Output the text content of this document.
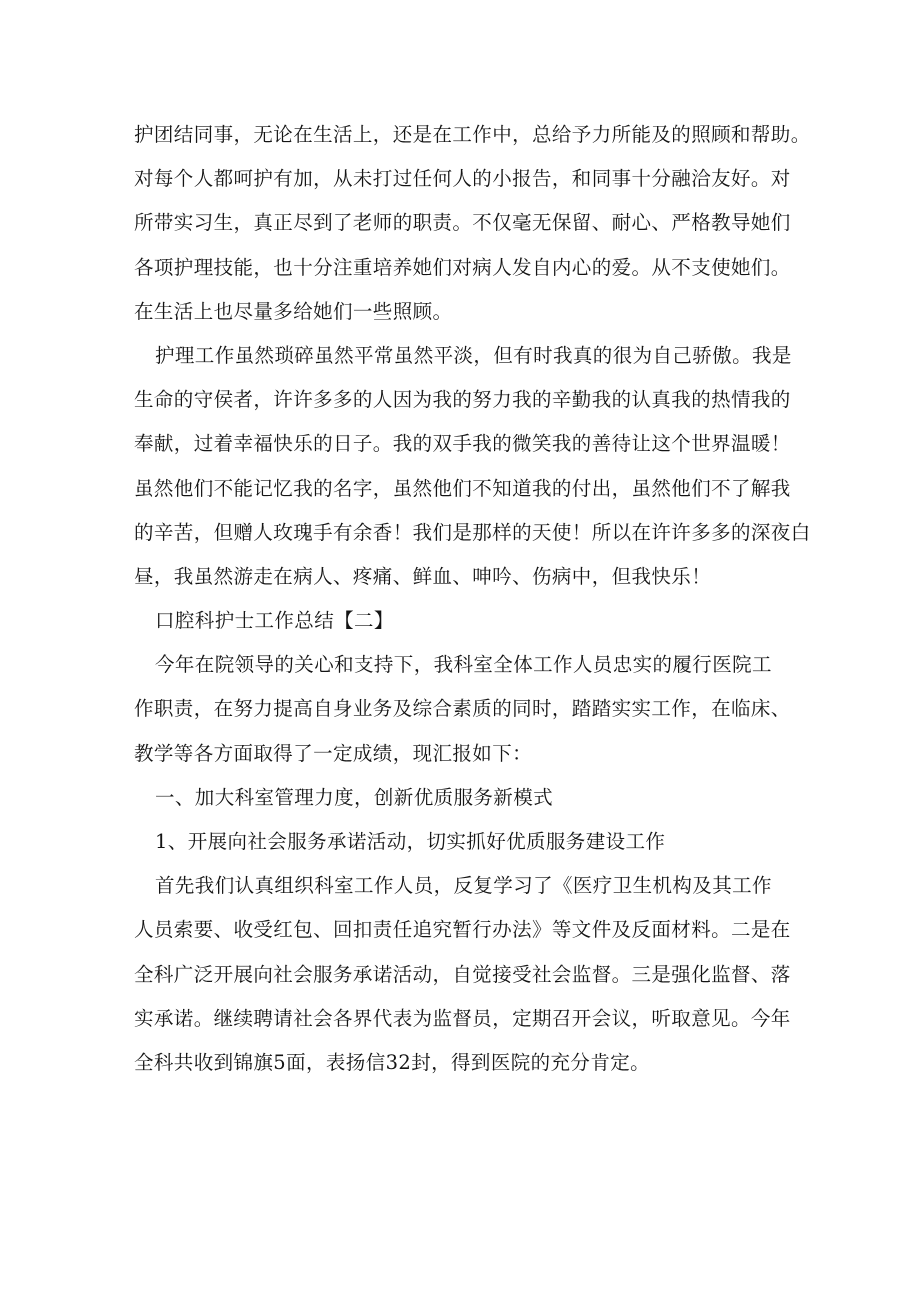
护团结同事，无论在生活上，还是在工作中，总给予力所能及的照顾和帮助。
对每个人都呵护有加，从未打过任何人的小报告，和同事十分融洽友好。对
所带实习生，真正尽到了老师的职责。不仅毫无保留、耐心、严格教导她们
各项护理技能，也十分注重培养她们对病人发自内心的爱。从不支使她们。
在生活上也尽量多给她们一些照顾。
护理工作虽然琐碎虽然平常虽然平淡，但有时我真的很为自己骄傲。我是
生命的守侯者，许许多多的人因为我的努力我的辛勤我的认真我的热情我的
奉献，过着幸福快乐的日子。我的双手我的微笑我的善待让这个世界温暖！
虽然他们不能记忆我的名字，虽然他们不知道我的付出，虽然他们不了解我
的辛苦，但赠人玫瑰手有余香！我们是那样的天使！所以在许许多多的深夜白
昼，我虽然游走在病人、疼痛、鲜血、呻吟、伤病中，但我快乐！
口腔科护士工作总结【二】
今年在院领导的关心和支持下，我科室全体工作人员忠实的履行医院工
作职责，在努力提高自身业务及综合素质的同时，踏踏实实工作，在临床、
教学等各方面取得了一定成绩，现汇报如下：
一、加大科室管理力度，创新优质服务新模式
1、开展向社会服务承诺活动，切实抓好优质服务建设工作
首先我们认真组织科室工作人员，反复学习了《医疗卫生机构及其工作
人员索要、收受红包、回扣责任追究暂行办法》等文件及反面材料。二是在
全科广泛开展向社会服务承诺活动，自觉接受社会监督。三是强化监督、落
实承诺。继续聘请社会各界代表为监督员，定期召开会议，听取意见。今年
全科共收到锦旗5面，表扬信32封，得到医院的充分肯定。
